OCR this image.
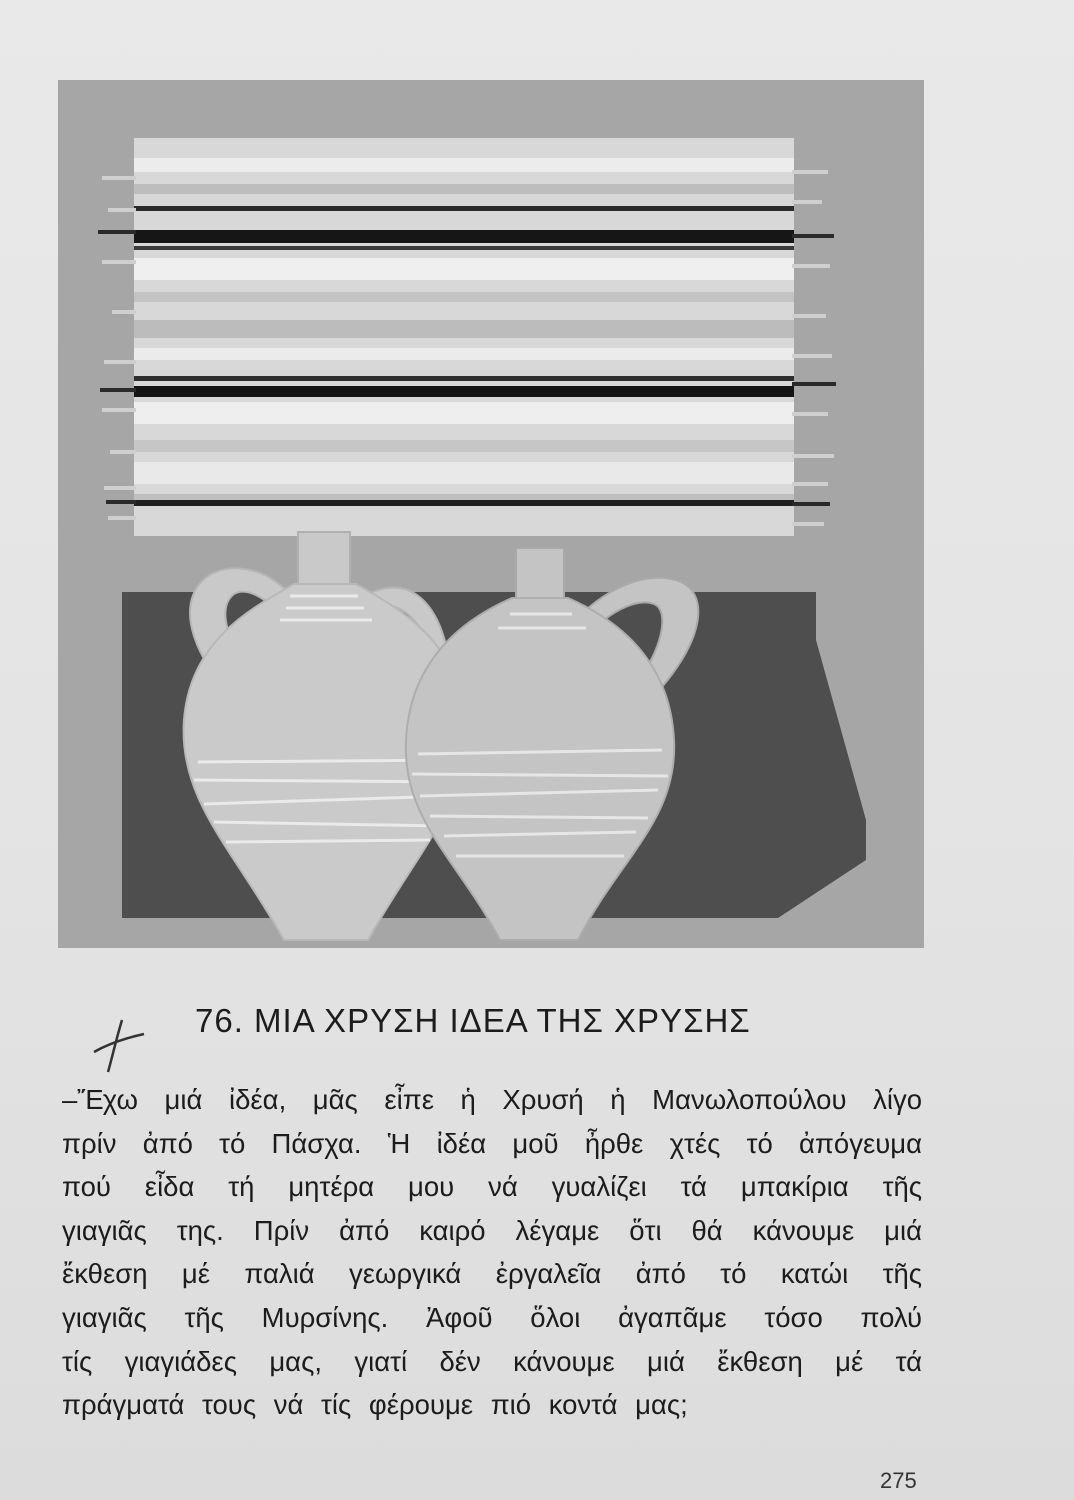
76. ΜΙΑ ΧΡΥΣΗ ΙΔΕΑ ΤΗΣ ΧΡΥΣΗΣ
–Ἔχω μιά ἰδέα, μᾶς εἶπε ἡ Χρυσή ἡ Μανωλοπούλου λίγο
πρίν ἀπό τό Πάσχα. Ἡ ἰδέα μοῦ ἦρθε χτές τό ἀπόγευμα
πού εἶδα τή μητέρα μου νά γυαλίζει τά μπακίρια τῆς
γιαγιᾶς της. Πρίν ἀπό καιρό λέγαμε ὅτι θά κάνουμε μιά
ἔκθεση μέ παλιά γεωργικά ἐργαλεῖα ἀπό τό κατώι τῆς
γιαγιᾶς τῆς Μυρσίνης. Ἀφοῦ ὅλοι ἀγαπᾶμε τόσο πολύ
τίς γιαγιάδες μας, γιατί δέν κάνουμε μιά ἔκθεση μέ τά
πράγματά τους νά τίς φέρουμε πιό κοντά μας;
275
